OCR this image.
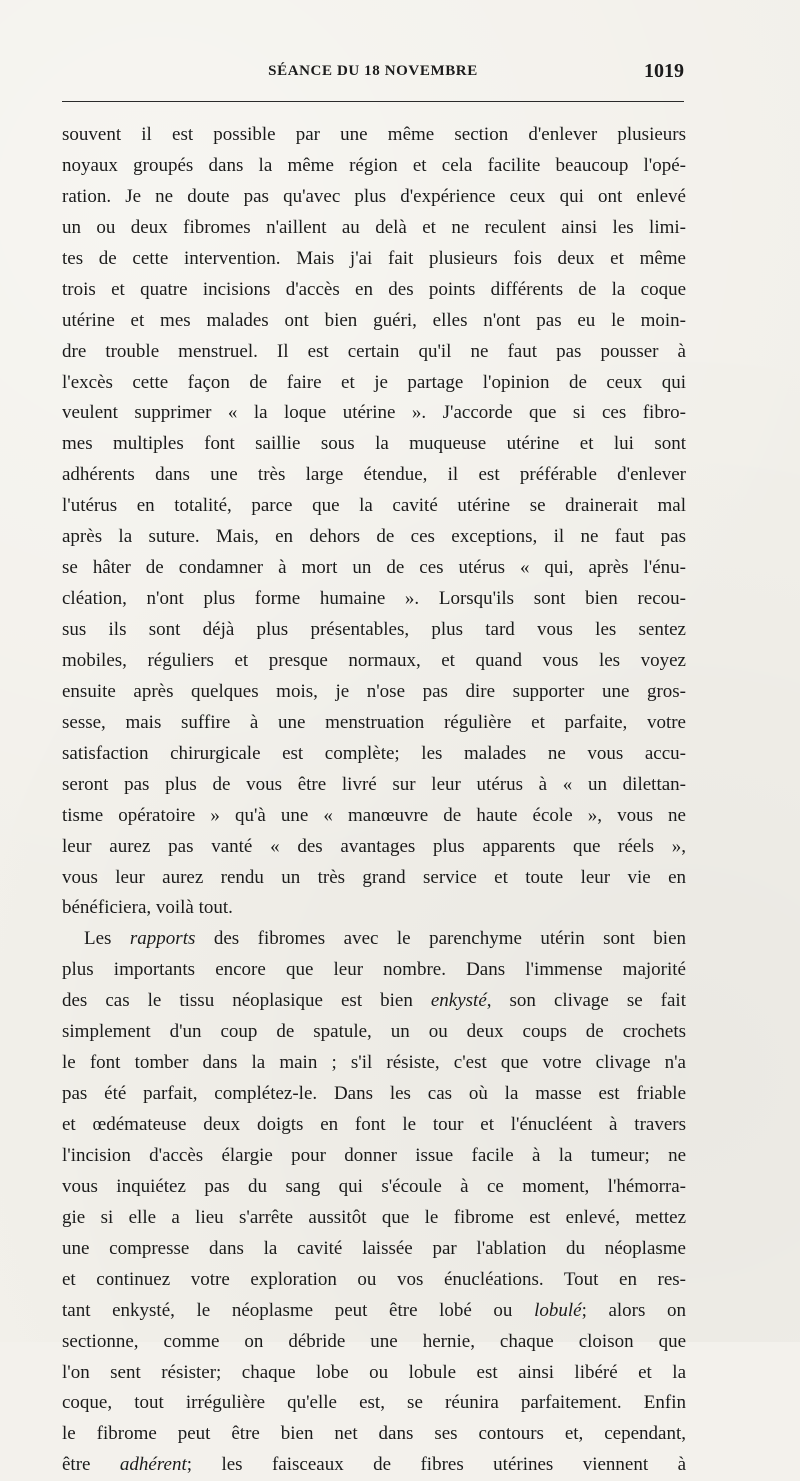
SÉANCE DU 18 NOVEMBRE	1019
souvent il est possible par une même section d'enlever plusieurs
noyaux groupés dans la même région et cela facilite beaucoup l'opé-
ration. Je ne doute pas qu'avec plus d'expérience ceux qui ont enlevé
un ou deux fibromes n'aillent au delà et ne reculent ainsi les limi-
tes de cette intervention. Mais j'ai fait plusieurs fois deux et même
trois et quatre incisions d'accès en des points différents de la coque
utérine et mes malades ont bien guéri, elles n'ont pas eu le moin-
dre trouble menstruel. Il est certain qu'il ne faut pas pousser à
l'excès cette façon de faire et je partage l'opinion de ceux qui
veulent supprimer « la loque utérine ». J'accorde que si ces fibro-
mes multiples font saillie sous la muqueuse utérine et lui sont
adhérents dans une très large étendue, il est préférable d'enlever
l'utérus en totalité, parce que la cavité utérine se drainerait mal
après la suture. Mais, en dehors de ces exceptions, il ne faut pas
se hâter de condamner à mort un de ces utérus « qui, après l'énu-
cléation, n'ont plus forme humaine ». Lorsqu'ils sont bien recou-
sus ils sont déjà plus présentables, plus tard vous les sentez
mobiles, réguliers et presque normaux, et quand vous les voyez
ensuite après quelques mois, je n'ose pas dire supporter une gros-
sesse, mais suffire à une menstruation régulière et parfaite, votre
satisfaction chirurgicale est complète; les malades ne vous accu-
seront pas plus de vous être livré sur leur utérus à « un dilettan-
tisme opératoire » qu'à une « manœuvre de haute école », vous ne
leur aurez pas vanté « des avantages plus apparents que réels »,
vous leur aurez rendu un très grand service et toute leur vie en
bénéficiera, voilà tout.
Les rapports des fibromes avec le parenchyme utérin sont bien
plus importants encore que leur nombre. Dans l'immense majorité
des cas le tissu néoplasique est bien enkysté, son clivage se fait
simplement d'un coup de spatule, un ou deux coups de crochets
le font tomber dans la main ; s'il résiste, c'est que votre clivage n'a
pas été parfait, complétez-le. Dans les cas où la masse est friable
et œdémateuse deux doigts en font le tour et l'énucléent à travers
l'incision d'accès élargie pour donner issue facile à la tumeur; ne
vous inquiétez pas du sang qui s'écoule à ce moment, l'hémorra-
gie si elle a lieu s'arrête aussitôt que le fibrome est enlevé, mettez
une compresse dans la cavité laissée par l'ablation du néoplasme
et continuez votre exploration ou vos énucléations. Tout en res-
tant enkysté, le néoplasme peut être lobé ou lobulé; alors on
sectionne, comme on débride une hernie, chaque cloison que
l'on sent résister; chaque lobe ou lobule est ainsi libéré et la
coque, tout irrégulière qu'elle est, se réunira parfaitement. Enfin
le fibrome peut être bien net dans ses contours et, cependant,
être adhérent; les faisceaux de fibres utérines viennent à
